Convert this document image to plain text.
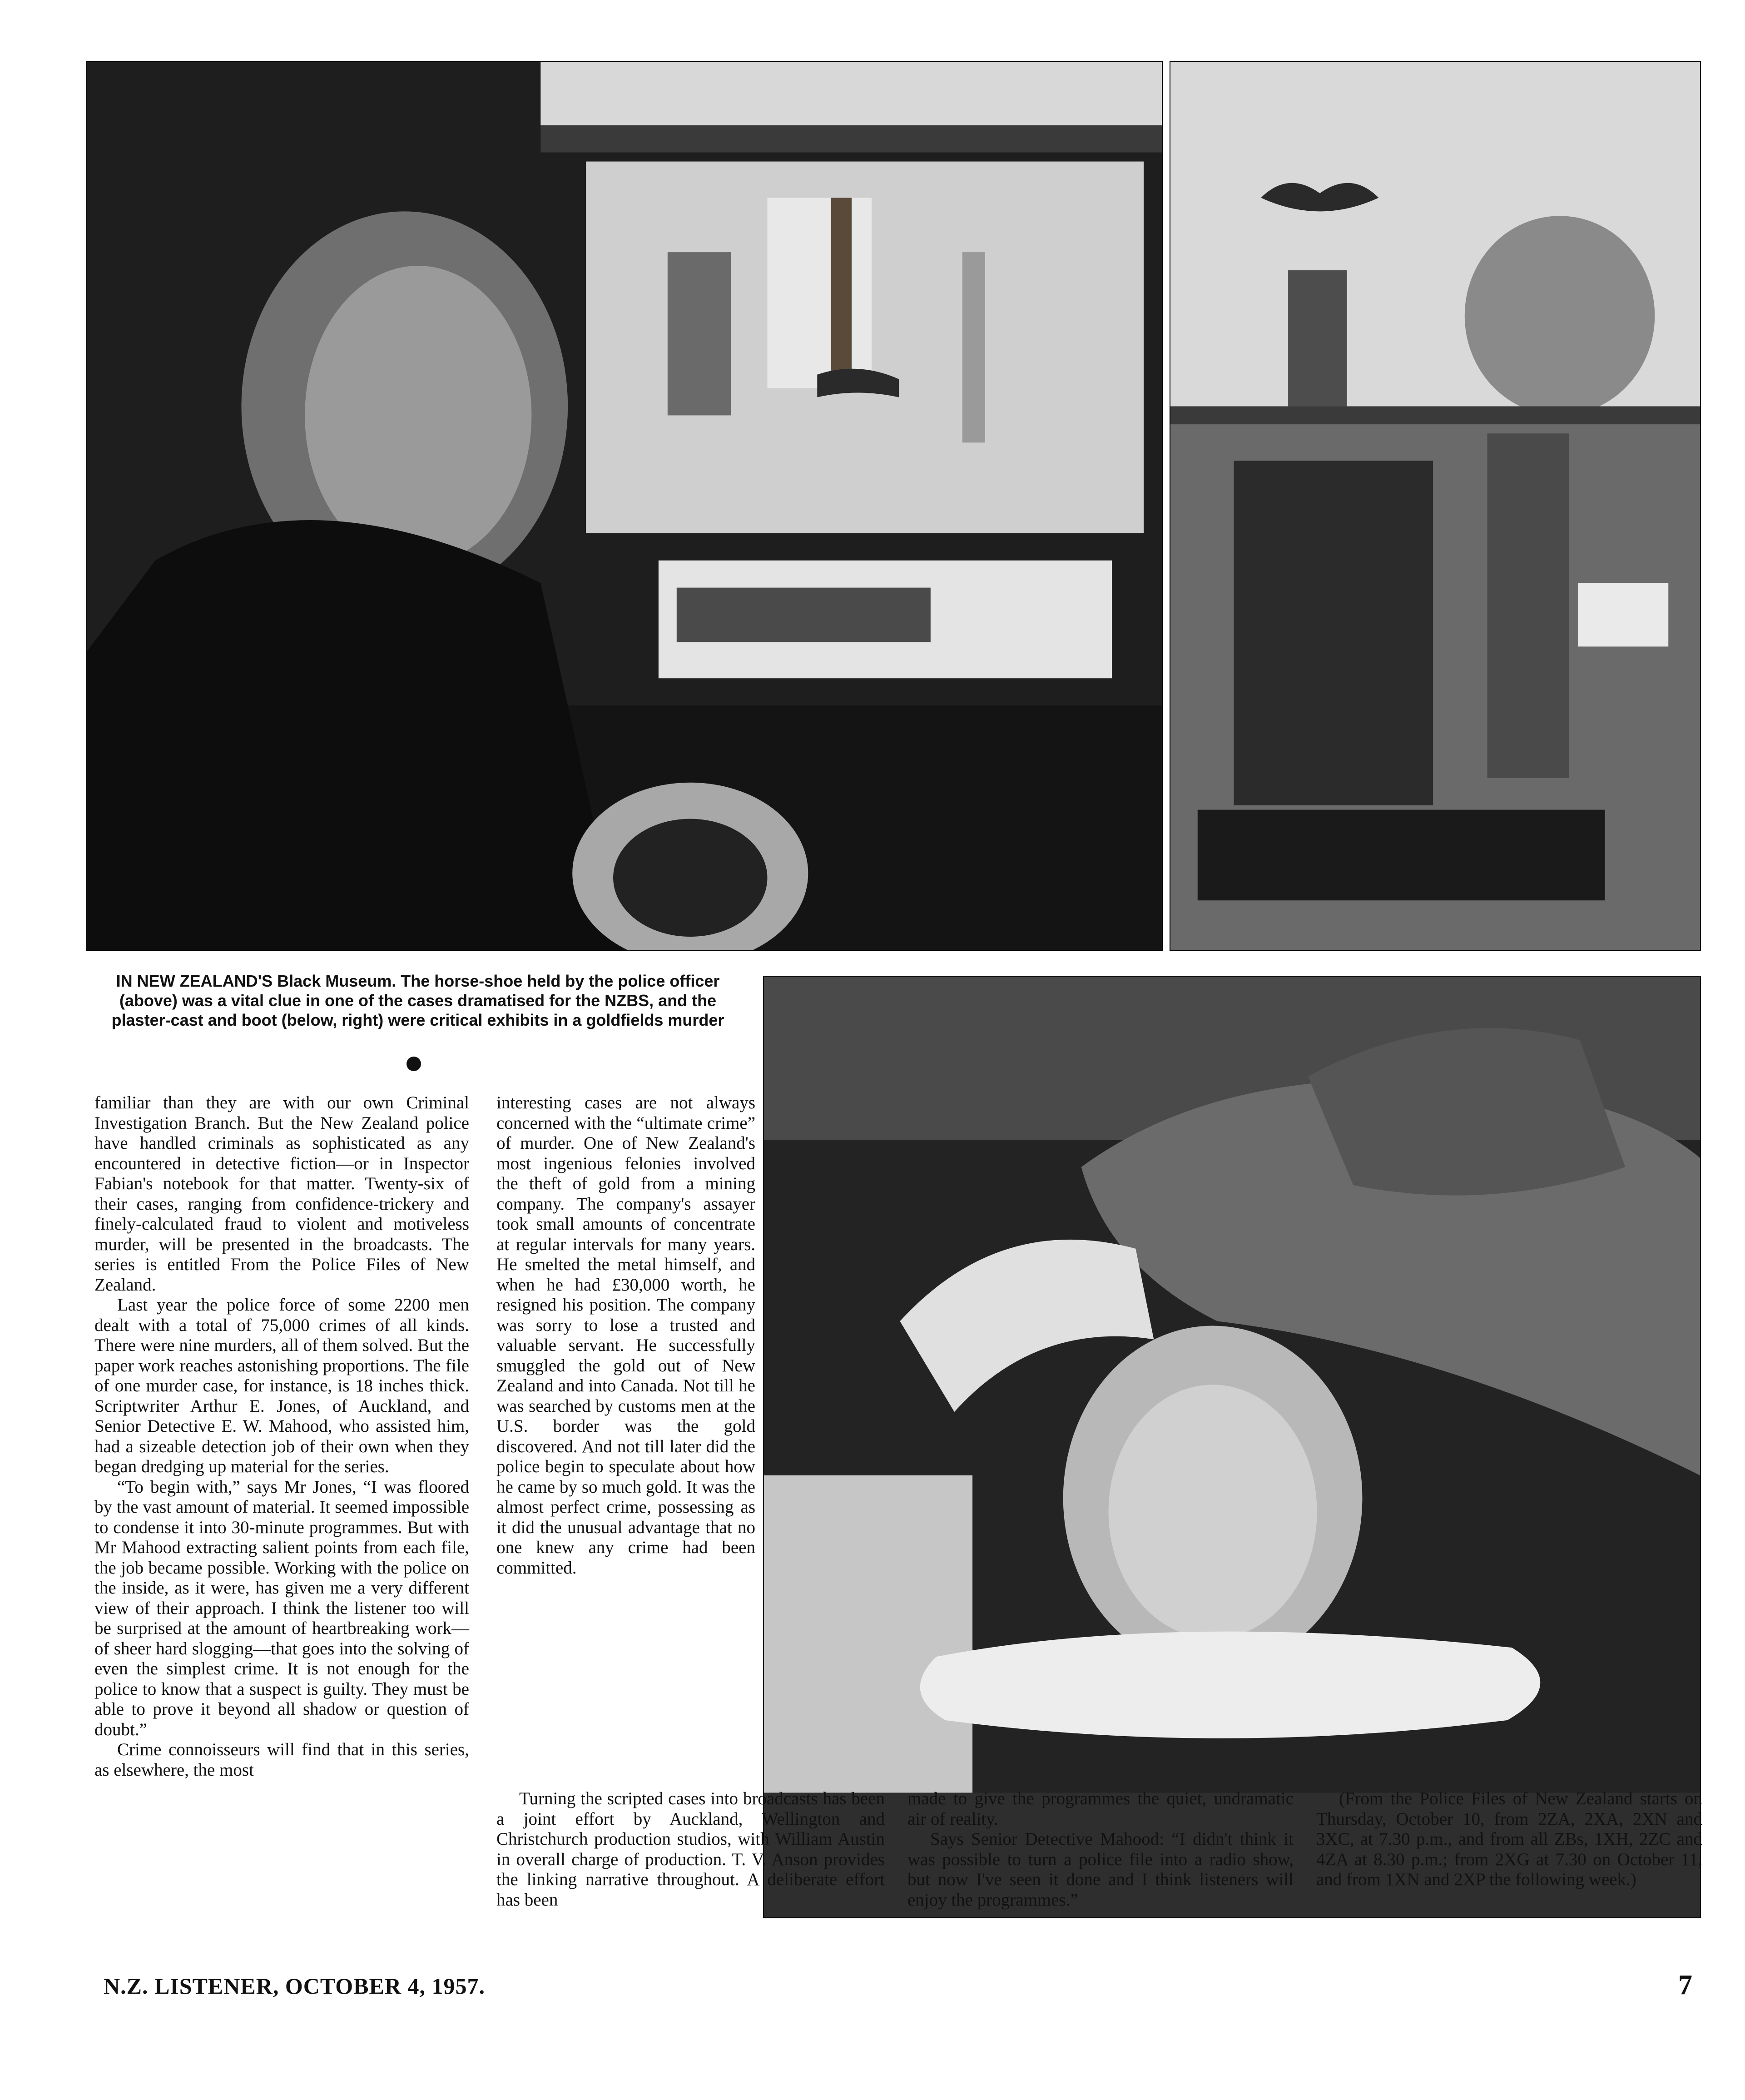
IN NEW ZEALAND'S Black Museum. The horse-shoe held by the police officer (above) was a vital clue in one of the cases dramatised for the NZBS, and the plaster-cast and boot (below, right) were critical exhibits in a goldfields murder

familiar than they are with our own Criminal Investigation Branch. But the New Zealand police have handled criminals as sophisticated as any encountered in detective fiction—or in Inspector Fabian's notebook for that matter. Twenty-six of their cases, ranging from confidence-trickery and finely-calculated fraud to violent and motiveless murder, will be presented in the broadcasts. The series is entitled From the Police Files of New Zealand.

Last year the police force of some 2200 men dealt with a total of 75,000 crimes of all kinds. There were nine murders, all of them solved. But the paper work reaches astonishing proportions. The file of one murder case, for instance, is 18 inches thick. Scriptwriter Arthur E. Jones, of Auckland, and Senior Detective E. W. Mahood, who assisted him, had a sizeable detection job of their own when they began dredging up material for the series.

“To begin with,” says Mr Jones, “I was floored by the vast amount of material. It seemed impossible to condense it into 30-minute programmes. But with Mr Mahood extracting salient points from each file, the job became possible. Working with the police on the inside, as it were, has given me a very different view of their approach. I think the listener too will be surprised at the amount of heartbreaking work—of sheer hard slogging—that goes into the solving of even the simplest crime. It is not enough for the police to know that a suspect is guilty. They must be able to prove it beyond all shadow or question of doubt.”

Crime connoisseurs will find that in this series, as elsewhere, the most

interesting cases are not always concerned with the “ultimate crime” of murder. One of New Zealand's most ingenious felonies involved the theft of gold from a mining company. The company's assayer took small amounts of concentrate at regular intervals for many years. He smelted the metal himself, and when he had £30,000 worth, he resigned his position. The company was sorry to lose a trusted and valuable servant. He successfully smuggled the gold out of New Zealand and into Canada. Not till he was searched by customs men at the U.S. border was the gold discovered. And not till later did the police begin to speculate about how he came by so much gold. It was the almost perfect crime, possessing as it did the unusual advantage that no one knew any crime had been committed.

Turning the scripted cases into broadcasts has been a joint effort by Auckland, Wellington and Christchurch production studios, with William Austin in overall charge of production. T. V. Anson provides the linking narrative throughout. A deliberate effort has been

made to give the programmes the quiet, undramatic air of reality.

Says Senior Detective Mahood: “I didn't think it was possible to turn a police file into a radio show, but now I've seen it done and I think listeners will enjoy the programmes.”

(From the Police Files of New Zealand starts on Thursday, October 10, from 2ZA, 2XA, 2XN and 3XC, at 7.30 p.m., and from all ZBs, 1XH, 2ZC and 4ZA at 8.30 p.m.; from 2XG at 7.30 on October 11, and from 1XN and 2XP the following week.)

N.Z. LISTENER, OCTOBER 4, 1957.	7
